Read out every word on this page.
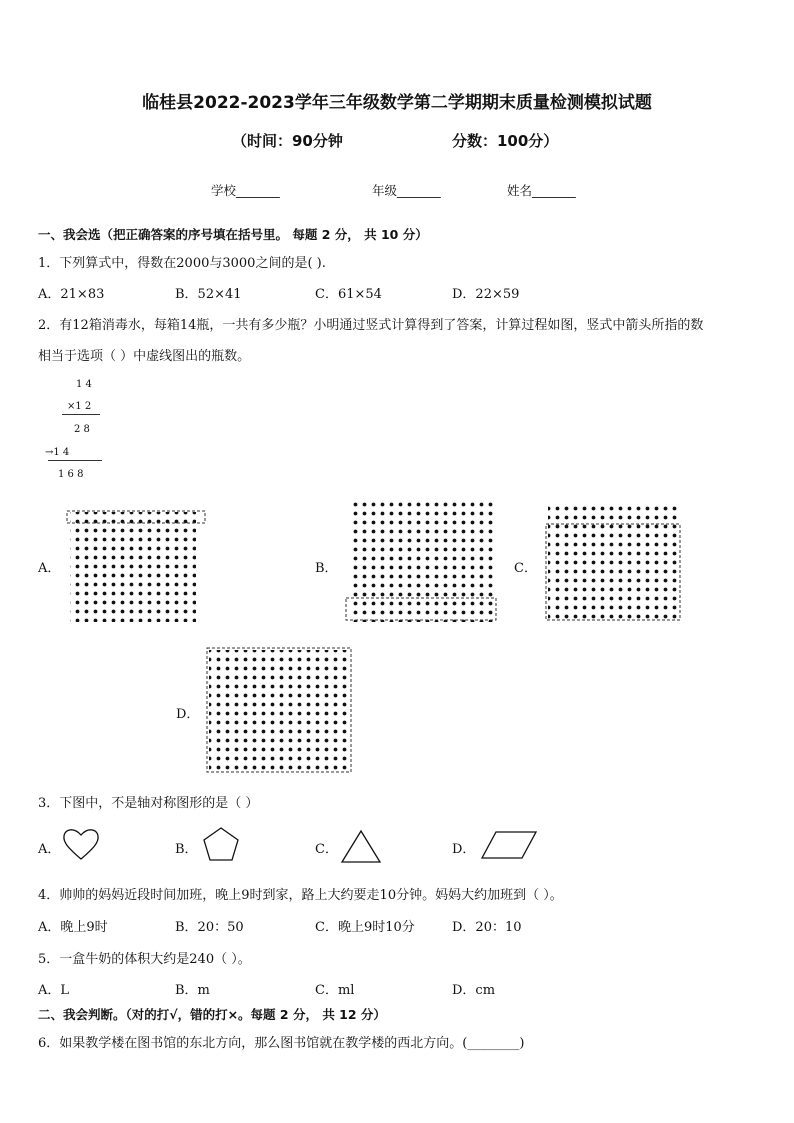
临桂县2022-2023学年三年级数学第二学期期末质量检测模拟试题
（时间：90分钟	分数：100分）
学校_______	年级_______	姓名_______
一、我会选（把正确答案的序号填在括号里。 每题 2 分， 共 10 分）
1．下列算式中，得数在2000与3000之间的是( ).
A．21×83	B．52×41	C．61×54	D．22×59
2．有12箱消毒水，每箱14瓶，一共有多少瓶？小明通过竖式计算得到了答案，计算过程如图，竖式中箭头所指的数
相当于选项（ ）中虚线图出的瓶数。
1 4
×1 2
2 8
→1 4
1 6 8
A．	B．	C．
D．
3．下图中，不是轴对称图形的是（ ）
A．	B．	C．	D．
4．帅帅的妈妈近段时间加班，晚上9时到家，路上大约要走10分钟。妈妈大约加班到（ ）。
A．晚上9时	B．20：50	C．晚上9时10分	D．20：10
5．一盒牛奶的体积大约是240（ ）。
A．L	B．m	C．ml	D．cm
二、我会判断。（对的打√，错的打×。每题 2 分， 共 12 分）
6．如果教学楼在图书馆的东北方向，那么图书馆就在教学楼的西北方向。(________)
